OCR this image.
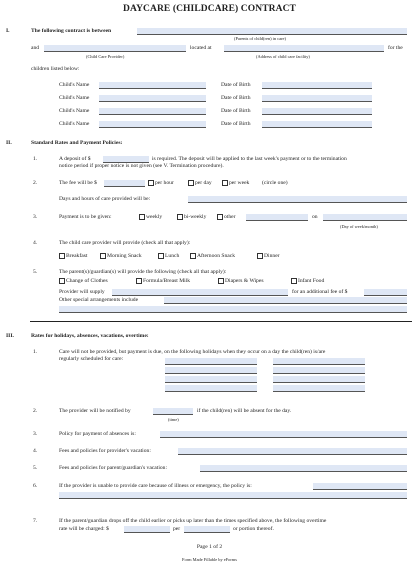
DAYCARE (CHILDCARE) CONTRACT
I.	The following contract is between
(Parents of child(ren) in care)
and	located at	for the
(Child Care Provider)	(Address of child care facility)
children listed below:
Child's Name	Date of Birth
Child's Name	Date of Birth
Child's Name	Date of Birth
Child's Name	Date of Birth
II.	Standard Rates and Payment Policies:
1.	A deposit of $	is required. The deposit will be applied to the last week's payment or to the termination
notice period if proper notice is not given (see V. Termination procedure).
2.	The fee will be $	per hour	per day	per week (circle one)
Days and hours of care provided will be:
3.	Payment is to be given:	weekly	bi-weekly	other	on
(Day of week/month)
4.	The child care provider will provide (check all that apply):
Breakfast	Morning Snack	Lunch	Afternoon Snack	Dinner
5.	The parent(s)/guardian(s) will provide the following (check all that apply):
Change of Clothes	Formula/Breast Milk	Diapers & Wipes	Infant Food
Provider will supply	for an additional fee of $
Other special arrangements include
III.	Rates for holidays, absences, vacations, overtime:
1.	Care will not be provided, but payment is due, on the following holidays when they occur on a day the child(ren) is/are
regularly scheduled for care:
2.	The provider will be notified by	if the child(ren) will be absent for the day.
(time)
3.	Policy for payment of absences is:
4.	Fees and policies for provider's vacation:
5.	Fees and policies for parent/guardian's vacation:
6.	If the provider is unable to provide care because of illness or emergency, the policy is:
7.	If the parent/guardian drops off the child earlier or picks up later than the times specified above, the following overtime
rate will be charged: $	per	or portion thereof.
Page 1 of 2
Form Made Fillable by eForms
